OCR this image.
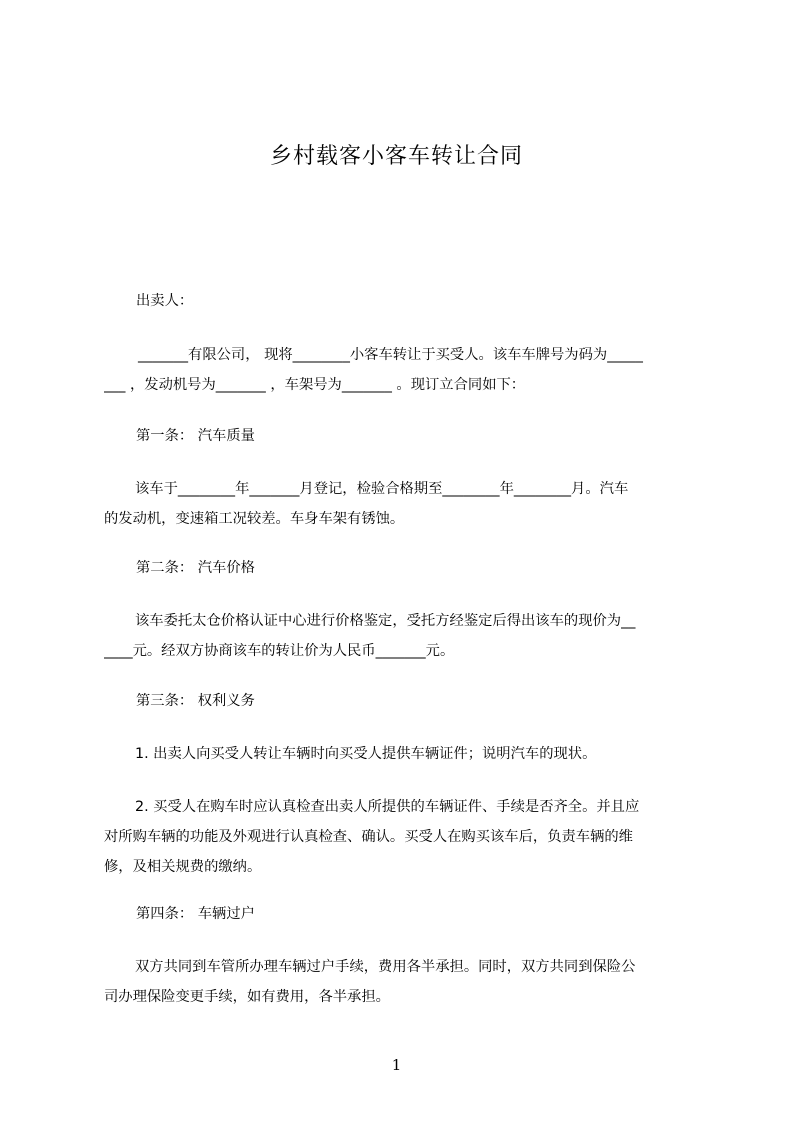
乡村载客小客车转让合同
出卖人：
_______有限公司， 现将________小客车转让于买受人。该车车牌号为码为_____
___ ，发动机号为_______ ，车架号为_______ 。现订立合同如下：
第一条： 汽车质量
该车于________年_______月登记，检验合格期至________年________月。汽车
的发动机，变速箱工况较差。车身车架有锈蚀。
第二条： 汽车价格
该车委托太仓价格认证中心进行价格鉴定，受托方经鉴定后得出该车的现价为__
____元。经双方协商该车的转让价为人民币_______元。
第三条： 权利义务
1. 出卖人向买受人转让车辆时向买受人提供车辆证件；说明汽车的现状。
2. 买受人在购车时应认真检查出卖人所提供的车辆证件、手续是否齐全。并且应
对所购车辆的功能及外观进行认真检查、确认。买受人在购买该车后，负责车辆的维
修，及相关规费的缴纳。
第四条： 车辆过户
双方共同到车管所办理车辆过户手续，费用各半承担。同时，双方共同到保险公
司办理保险变更手续，如有费用，各半承担。
1
